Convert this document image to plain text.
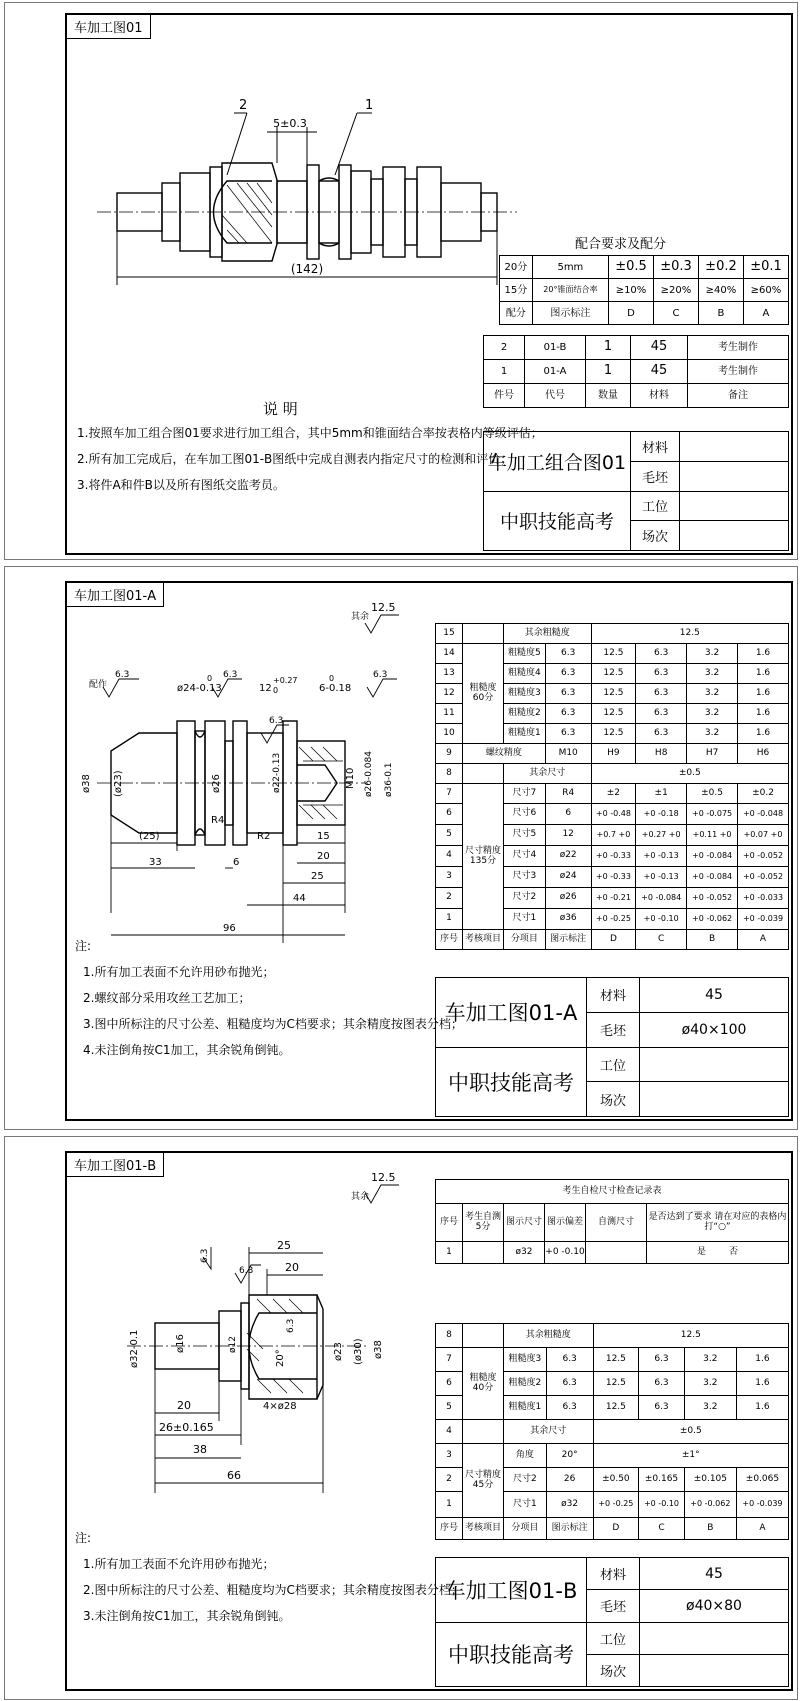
车加工图01
2	1
5±0.3
(142)
配合要求及配分
20分	5mm	±0.5	±0.3	±0.2	±0.1
15分	20°锥面结合率	≥10%	≥20%	≥40%	≥60%
配分	图示标注	D	C	B	A
2	01-B	1	45	考生制作
1	01-A	1	45	考生制作
件号	代号	数量	材料	备注
说 明
1.按照车加工组合图01要求进行加工组合，其中5mm和锥面结合率按表格内等级评估；
2.所有加工完成后，在车加工图01-B图纸中完成自测表内指定尺寸的检测和评价；
3.将件A和件B以及所有图纸交监考员。
车加工组合图01	材料	
	毛坯	
中职技能高考	工位	
	场次	
车加工图01-A
配作
6.3
其余
12.5
6.3	6.3
6.3
ø24-0.13
0
12
+0.27
0	6-0.18
0
ø38 (ø23)	ø26	ø22-0.13	M10 ø26-0.084 ø36-0.1
R4
R2
(25)
33	6
15
20
25
44
96
15		其余粗糙度		12.5			
14	粗糙度 60分	粗糙度5	6.3	12.5	6.3	3.2	1.6
13		粗糙度4	6.3	12.5	6.3	3.2	1.6
12		粗糙度3	6.3	12.5	6.3	3.2	1.6
11		粗糙度2	6.3	12.5	6.3	3.2	1.6
10		粗糙度1	6.3	12.5	6.3	3.2	1.6
9	螺纹精度		M10	H9	H8	H7	H6
8		其余尺寸		±0.5			
7	尺寸精度 135分	尺寸7	R4	±2	±1	±0.5	±0.2
6		尺寸6	6	+0 -0.48	+0 -0.18	+0 -0.075	+0 -0.048
5		尺寸5	12	+0.7 +0	+0.27 +0	+0.11 +0	+0.07 +0
4		尺寸4	ø22	+0 -0.33	+0 -0.13	+0 -0.084	+0 -0.052
3		尺寸3	ø24	+0 -0.33	+0 -0.13	+0 -0.084	+0 -0.052
2		尺寸2	ø26	+0 -0.21	+0 -0.084	+0 -0.052	+0 -0.033
1		尺寸1	ø36	+0 -0.25	+0 -0.10	+0 -0.062	+0 -0.039
序号	考核项目	分项目	图示标注	D	C	B	A
注:
1.所有加工表面不允许用砂布抛光；
2.螺纹部分采用攻丝工艺加工；
3.图中所标注的尺寸公差、粗糙度均为C档要求；其余精度按图表分档；
4.未注倒角按C1加工，其余锐角倒钝。
车加工图01-A	材料	45
	毛坯	ø40×100
中职技能高考	工位	
	场次	
车加工图01-B
其余
12.5
6.3
6.3
6.3
25
20
ø32-0.1	ø16	ø12
20°	ø23 (ø30) ø38
20
26±0.165
4×ø28
38
66
考生自检尺寸检查记录表					
序号	考生自测 5分	图示尺寸	图示偏差	自测尺寸	是否达到了要求 请在对应的表格内打“○”
1		ø32	+0 -0.10		是 否
8		其余粗糙度		12.5			
7	粗糙度 40分	粗糙度3	6.3	12.5	6.3	3.2	1.6
6		粗糙度2	6.3	12.5	6.3	3.2	1.6
5		粗糙度1	6.3	12.5	6.3	3.2	1.6
4		其余尺寸		±0.5			
3	尺寸精度 45分	角度	20°	±1°			
2		尺寸2	26	±0.50	±0.165	±0.105	±0.065
1		尺寸1	ø32	+0 -0.25	+0 -0.10	+0 -0.062	+0 -0.039
序号	考核项目	分项目	图示标注	D	C	B	A
注:
1.所有加工表面不允许用砂布抛光；
2.图中所标注的尺寸公差、粗糙度均为C档要求；其余精度按图表分档；
3.未注倒角按C1加工，其余锐角倒钝。
车加工图01-B	材料	45
	毛坯	ø40×80
中职技能高考	工位	
	场次	
